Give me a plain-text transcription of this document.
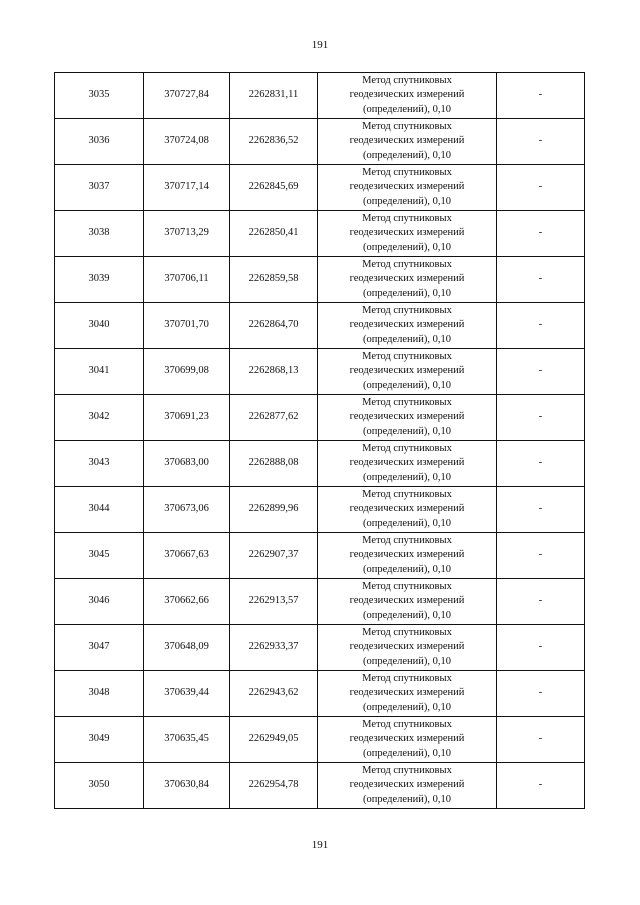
191
3035	370727,84	2262831,11	Метод спутниковых
геодезических измерений
(определений), 0,10	-
3036	370724,08	2262836,52	Метод спутниковых
геодезических измерений
(определений), 0,10	-
3037	370717,14	2262845,69	Метод спутниковых
геодезических измерений
(определений), 0,10	-
3038	370713,29	2262850,41	Метод спутниковых
геодезических измерений
(определений), 0,10	-
3039	370706,11	2262859,58	Метод спутниковых
геодезических измерений
(определений), 0,10	-
3040	370701,70	2262864,70	Метод спутниковых
геодезических измерений
(определений), 0,10	-
3041	370699,08	2262868,13	Метод спутниковых
геодезических измерений
(определений), 0,10	-
3042	370691,23	2262877,62	Метод спутниковых
геодезических измерений
(определений), 0,10	-
3043	370683,00	2262888,08	Метод спутниковых
геодезических измерений
(определений), 0,10	-
3044	370673,06	2262899,96	Метод спутниковых
геодезических измерений
(определений), 0,10	-
3045	370667,63	2262907,37	Метод спутниковых
геодезических измерений
(определений), 0,10	-
3046	370662,66	2262913,57	Метод спутниковых
геодезических измерений
(определений), 0,10	-
3047	370648,09	2262933,37	Метод спутниковых
геодезических измерений
(определений), 0,10	-
3048	370639,44	2262943,62	Метод спутниковых
геодезических измерений
(определений), 0,10	-
3049	370635,45	2262949,05	Метод спутниковых
геодезических измерений
(определений), 0,10	-
3050	370630,84	2262954,78	Метод спутниковых
геодезических измерений
(определений), 0,10	-
191
